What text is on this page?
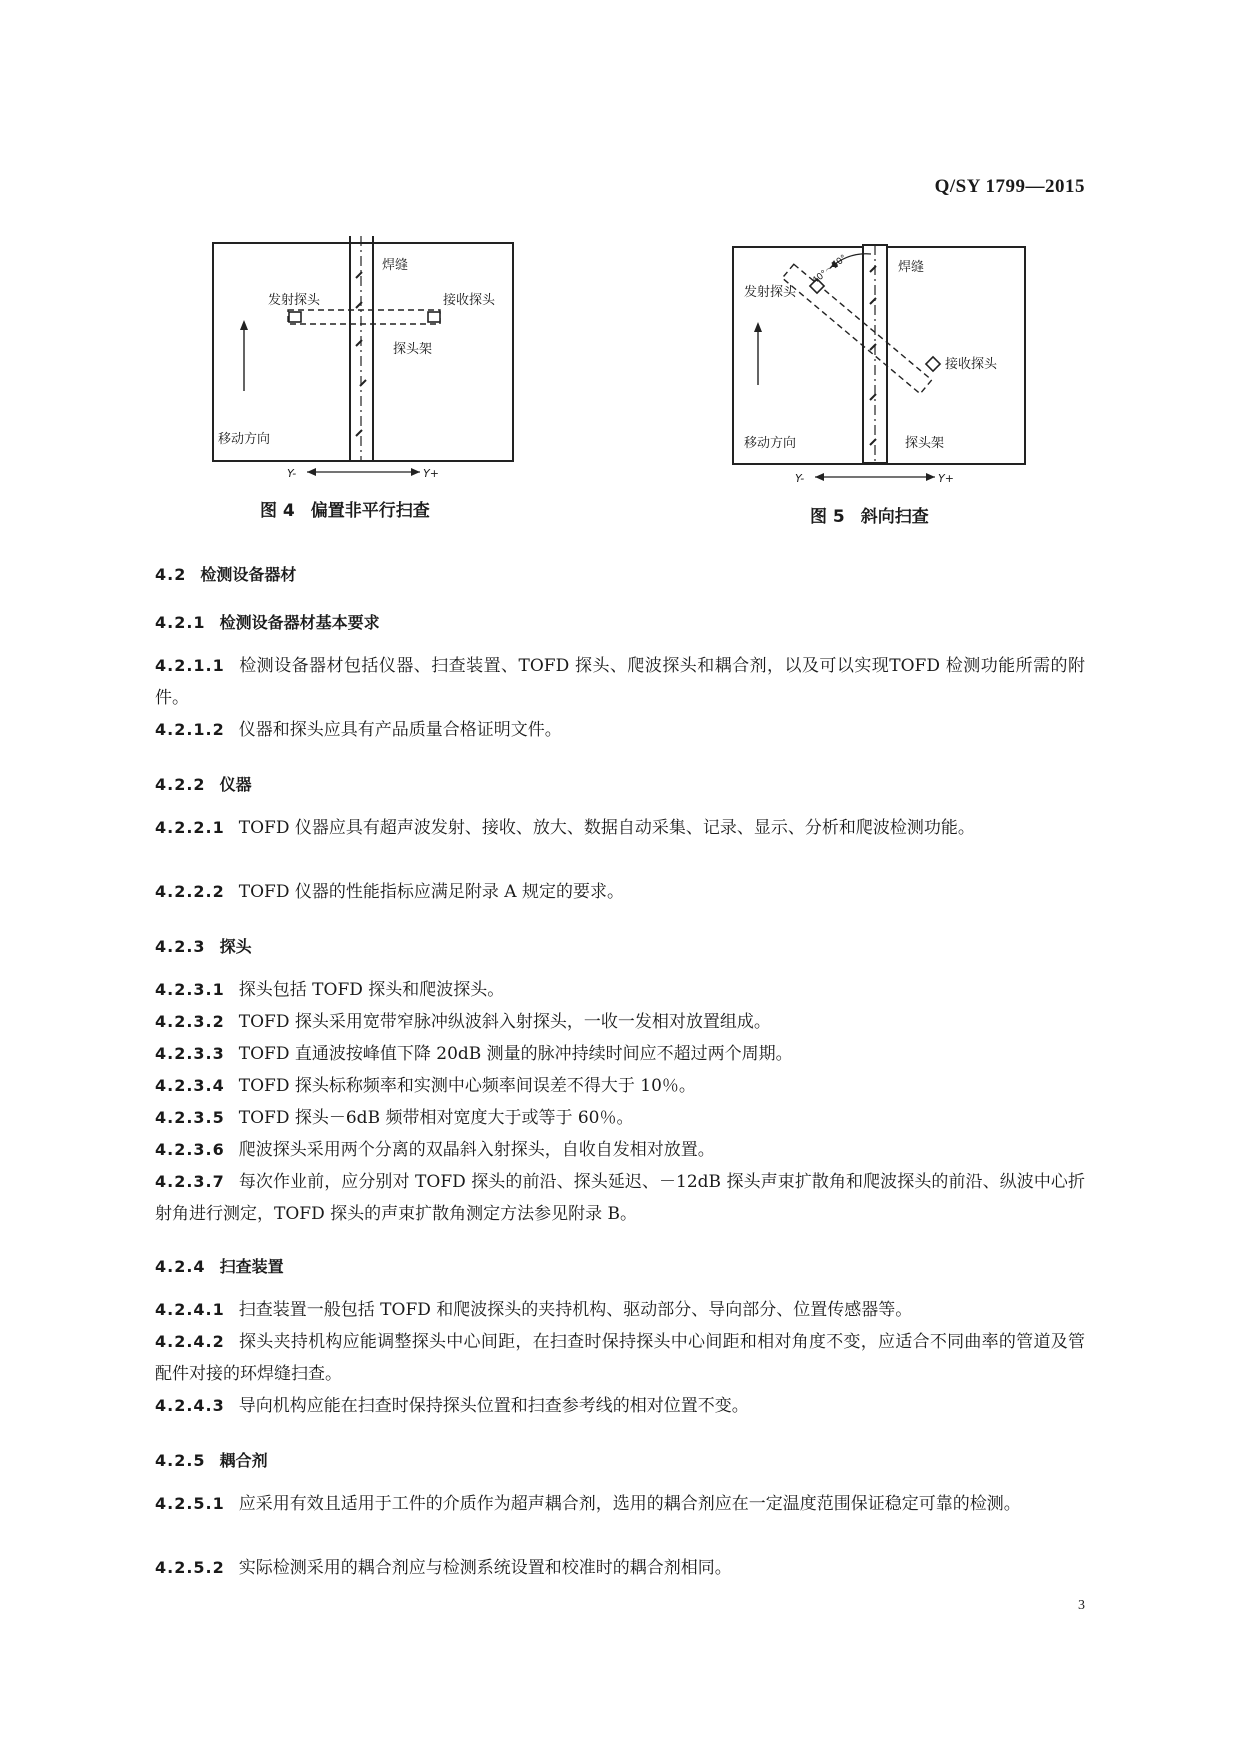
Q/SY 1799—2015
焊缝
发射探头	接收探头
探头架
移动方向
Y-	Y+
图 4 偏置非平行扫查
焊缝
40°～50°
发射探头
接收探头
移动方向	探头架
Y-	Y+
图 5 斜向扫查
4.2 检测设备器材
4.2.1 检测设备器材基本要求
4.2.1.1 检测设备器材包括仪器、扫查装置、TOFD 探头、爬波探头和耦合剂，以及可以实现TOFD 检测功能所需的附件。
4.2.1.2 仪器和探头应具有产品质量合格证明文件。
4.2.2 仪器
4.2.2.1 TOFD 仪器应具有超声波发射、接收、放大、数据自动采集、记录、显示、分析和爬波检测功能。
4.2.2.2 TOFD 仪器的性能指标应满足附录 A 规定的要求。
4.2.3 探头
4.2.3.1 探头包括 TOFD 探头和爬波探头。
4.2.3.2 TOFD 探头采用宽带窄脉冲纵波斜入射探头，一收一发相对放置组成。
4.2.3.3 TOFD 直通波按峰值下降 20dB 测量的脉冲持续时间应不超过两个周期。
4.2.3.4 TOFD 探头标称频率和实测中心频率间误差不得大于 10％。
4.2.3.5 TOFD 探头－6dB 频带相对宽度大于或等于 60％。
4.2.3.6 爬波探头采用两个分离的双晶斜入射探头，自收自发相对放置。
4.2.3.7 每次作业前，应分别对 TOFD 探头的前沿、探头延迟、－12dB 探头声束扩散角和爬波探头的前沿、纵波中心折射角进行测定，TOFD 探头的声束扩散角测定方法参见附录 B。
4.2.4 扫查装置
4.2.4.1 扫查装置一般包括 TOFD 和爬波探头的夹持机构、驱动部分、导向部分、位置传感器等。
4.2.4.2 探头夹持机构应能调整探头中心间距，在扫查时保持探头中心间距和相对角度不变，应适合不同曲率的管道及管配件对接的环焊缝扫查。
4.2.4.3 导向机构应能在扫查时保持探头位置和扫查参考线的相对位置不变。
4.2.5 耦合剂
4.2.5.1 应采用有效且适用于工件的介质作为超声耦合剂，选用的耦合剂应在一定温度范围保证稳定可靠的检测。
4.2.5.2 实际检测采用的耦合剂应与检测系统设置和校准时的耦合剂相同。
3
